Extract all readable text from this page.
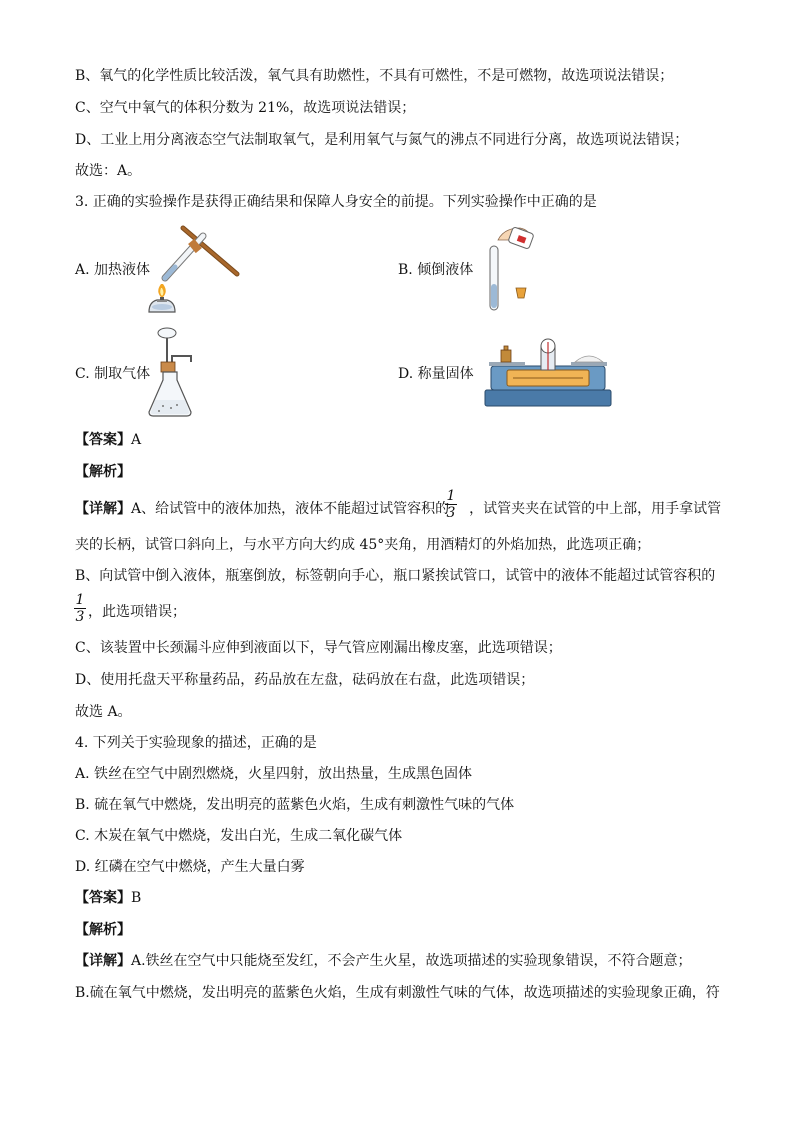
B、氧气的化学性质比较活泼，氧气具有助燃性，不具有可燃性，不是可燃物，故选项说法错误；
C、空气中氧气的体积分数为 21%，故选项说法错误；
D、工业上用分离液态空气法制取氧气，是利用氧气与氮气的沸点不同进行分离，故选项说法错误；
故选：A。
3. 正确的实验操作是获得正确结果和保障人身安全的前提。下列实验操作中正确的是
A. 加热液体	B. 倾倒液体
C. 制取气体	D. 称量固体
【答案】A
【解析】
【详解】A、给试管中的液体加热，液体不能超过试管容积的 ，试管夹夹在试管的中上部，用手拿试管
1
3
夹的长柄，试管口斜向上，与水平方向大约成 45°夹角，用酒精灯的外焰加热，此选项正确；
B、向试管中倒入液体，瓶塞倒放，标签朝向手心，瓶口紧挨试管口，试管中的液体不能超过试管容积的
1
3 ，此选项错误；
C、该装置中长颈漏斗应伸到液面以下，导气管应刚漏出橡皮塞，此选项错误；
D、使用托盘天平称量药品，药品放在左盘，砝码放在右盘，此选项错误；
故选 A。
4. 下列关于实验现象的描述，正确的是
A. 铁丝在空气中剧烈燃烧，火星四射，放出热量，生成黑色固体
B. 硫在氧气中燃烧，发出明亮的蓝紫色火焰，生成有刺激性气味的气体
C. 木炭在氧气中燃烧，发出白光，生成二氧化碳气体
D. 红磷在空气中燃烧，产生大量白雾
【答案】B
【解析】
【详解】A.铁丝在空气中只能烧至发红，不会产生火星，故选项描述的实验现象错误，不符合题意；
B.硫在氧气中燃烧，发出明亮的蓝紫色火焰，生成有刺激性气味的气体，故选项描述的实验现象正确，符
